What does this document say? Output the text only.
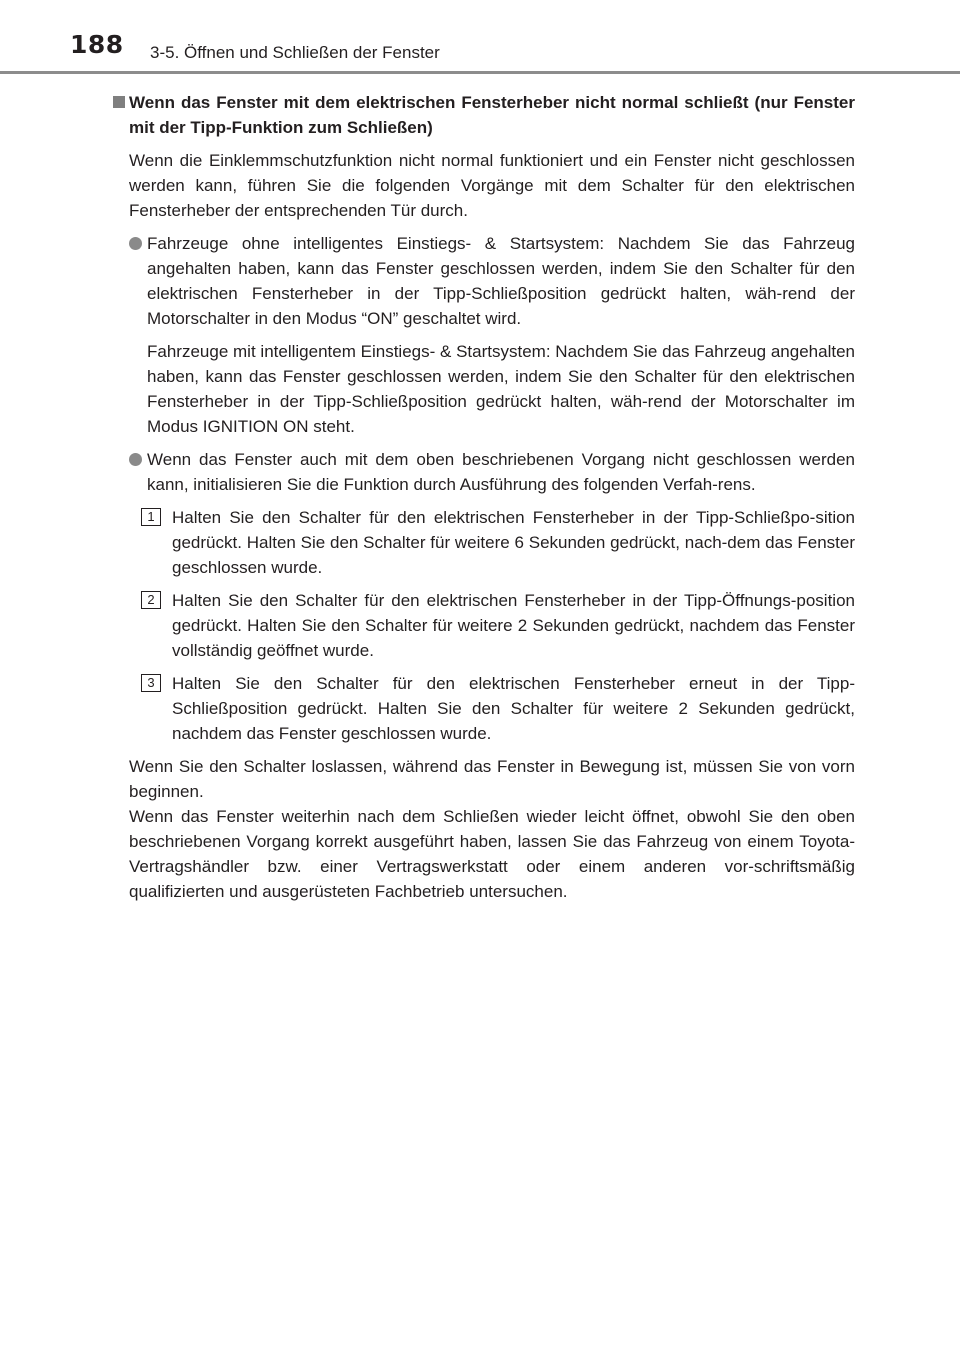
188 3-5. Öffnen und Schließen der Fenster
Wenn das Fenster mit dem elektrischen Fensterheber nicht normal schließt (nur Fenster mit der Tipp-Funktion zum Schließen)

Wenn die Einklemmschutzfunktion nicht normal funktioniert und ein Fenster nicht geschlossen werden kann, führen Sie die folgenden Vorgänge mit dem Schalter für den elektrischen Fensterheber der entsprechenden Tür durch.

Fahrzeuge ohne intelligentes Einstiegs- & Startsystem: Nachdem Sie das Fahrzeug angehalten haben, kann das Fenster geschlossen werden, indem Sie den Schalter für den elektrischen Fensterheber in der Tipp-Schließposition gedrückt halten, wäh-rend der Motorschalter in den Modus “ON” geschaltet wird.

Fahrzeuge mit intelligentem Einstiegs- & Startsystem: Nachdem Sie das Fahrzeug angehalten haben, kann das Fenster geschlossen werden, indem Sie den Schalter für den elektrischen Fensterheber in der Tipp-Schließposition gedrückt halten, wäh-rend der Motorschalter im Modus IGNITION ON steht.

Wenn das Fenster auch mit dem oben beschriebenen Vorgang nicht geschlossen werden kann, initialisieren Sie die Funktion durch Ausführung des folgenden Verfah-rens.

1	Halten Sie den Schalter für den elektrischen Fensterheber in der Tipp-Schließpo-sition gedrückt. Halten Sie den Schalter für weitere 6 Sekunden gedrückt, nach-dem das Fenster geschlossen wurde.

2	Halten Sie den Schalter für den elektrischen Fensterheber in der Tipp-Öffnungs-position gedrückt. Halten Sie den Schalter für weitere 2 Sekunden gedrückt, nachdem das Fenster vollständig geöffnet wurde.

3	Halten Sie den Schalter für den elektrischen Fensterheber erneut in der Tipp-Schließposition gedrückt. Halten Sie den Schalter für weitere 2 Sekunden gedrückt, nachdem das Fenster geschlossen wurde.

Wenn Sie den Schalter loslassen, während das Fenster in Bewegung ist, müssen Sie von vorn beginnen.

Wenn das Fenster weiterhin nach dem Schließen wieder leicht öffnet, obwohl Sie den oben beschriebenen Vorgang korrekt ausgeführt haben, lassen Sie das Fahrzeug von einem Toyota-Vertragshändler bzw. einer Vertragswerkstatt oder einem anderen vor-schriftsmäßig qualifizierten und ausgerüsteten Fachbetrieb untersuchen.
